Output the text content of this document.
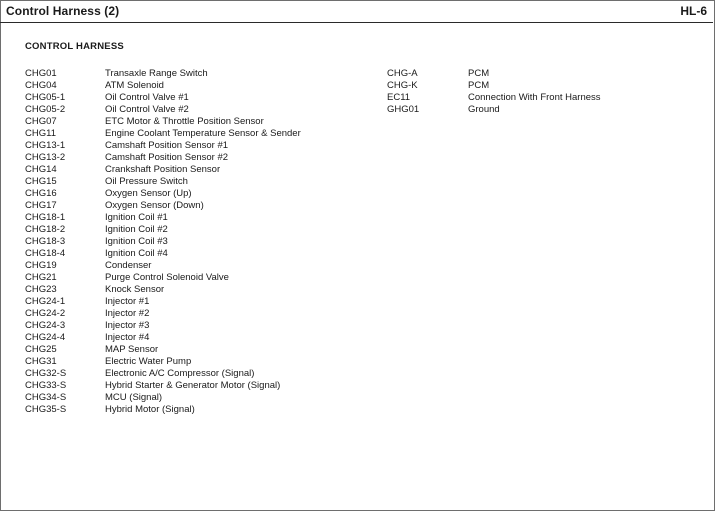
Control Harness (2)	HL-6
CONTROL HARNESS
CHG01	Transaxle Range Switch
CHG04	ATM Solenoid
CHG05-1	Oil Control Valve #1
CHG05-2	Oil Control Valve #2
CHG07	ETC Motor & Throttle Position Sensor
CHG11	Engine Coolant Temperature Sensor & Sender
CHG13-1	Camshaft Position Sensor #1
CHG13-2	Camshaft Position Sensor #2
CHG14	Crankshaft Position Sensor
CHG15	Oil Pressure Switch
CHG16	Oxygen Sensor (Up)
CHG17	Oxygen Sensor (Down)
CHG18-1	Ignition Coil #1
CHG18-2	Ignition Coil #2
CHG18-3	Ignition Coil #3
CHG18-4	Ignition Coil #4
CHG19	Condenser
CHG21	Purge Control Solenoid Valve
CHG23	Knock Sensor
CHG24-1	Injector #1
CHG24-2	Injector #2
CHG24-3	Injector #3
CHG24-4	Injector #4
CHG25	MAP Sensor
CHG31	Electric Water Pump
CHG32-S	Electronic A/C Compressor (Signal)
CHG33-S	Hybrid Starter & Generator Motor (Signal)
CHG34-S	MCU (Signal)
CHG35-S	Hybrid Motor (Signal)
CHG-A	PCM
CHG-K	PCM
EC11	Connection With Front Harness
GHG01	Ground
